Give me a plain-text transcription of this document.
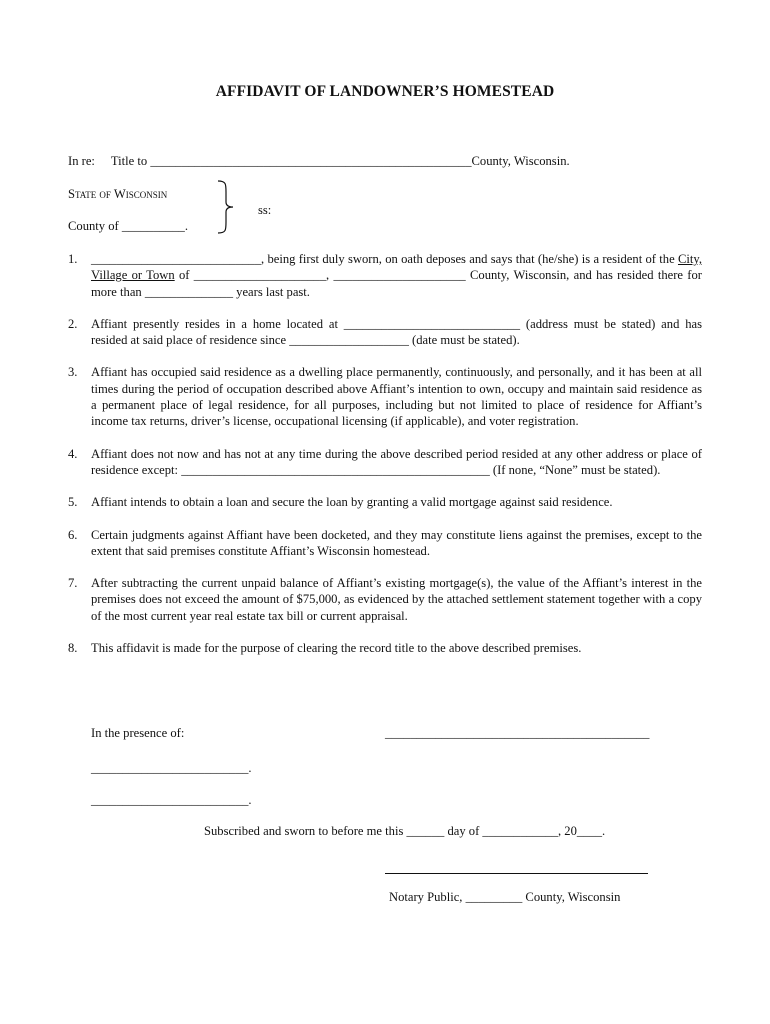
AFFIDAVIT OF LANDOWNER’S HOMESTEAD
In re: Title to ___________________________________________________County, Wisconsin.
State of Wisconsin
ss:
County of __________.
1. ___________________________, being first duly sworn, on oath deposes and says that (he/she) is a resident of the City, Village or Town of _____________________, _____________________ County, Wisconsin, and has resided there for more than ______________ years last past.
2. Affiant presently resides in a home located at ____________________________ (address must be stated) and has resided at said place of residence since ___________________ (date must be stated).
3. Affiant has occupied said residence as a dwelling place permanently, continuously, and personally, and it has been at all times during the period of occupation described above Affiant’s intention to own, occupy and maintain said residence as a permanent place of legal residence, for all purposes, including but not limited to place of residence for Affiant’s income tax returns, driver’s license, occupational licensing (if applicable), and voter registration.
4. Affiant does not now and has not at any time during the above described period resided at any other address or place of residence except: _________________________________________________ (If none, “None” must be stated).
5. Affiant intends to obtain a loan and secure the loan by granting a valid mortgage against said residence.
6. Certain judgments against Affiant have been docketed, and they may constitute liens against the premises, except to the extent that said premises constitute Affiant’s Wisconsin homestead.
7. After subtracting the current unpaid balance of Affiant’s existing mortgage(s), the value of the Affiant’s interest in the premises does not exceed the amount of $75,000, as evidenced by the attached settlement statement together with a copy of the most current year real estate tax bill or current appraisal.
8. This affidavit is made for the purpose of clearing the record title to the above described premises.
In the presence of:	__________________________________________
_________________________.
_________________________.
Subscribed and sworn to before me this ______ day of ____________, 20____.
Notary Public, _________ County, Wisconsin
